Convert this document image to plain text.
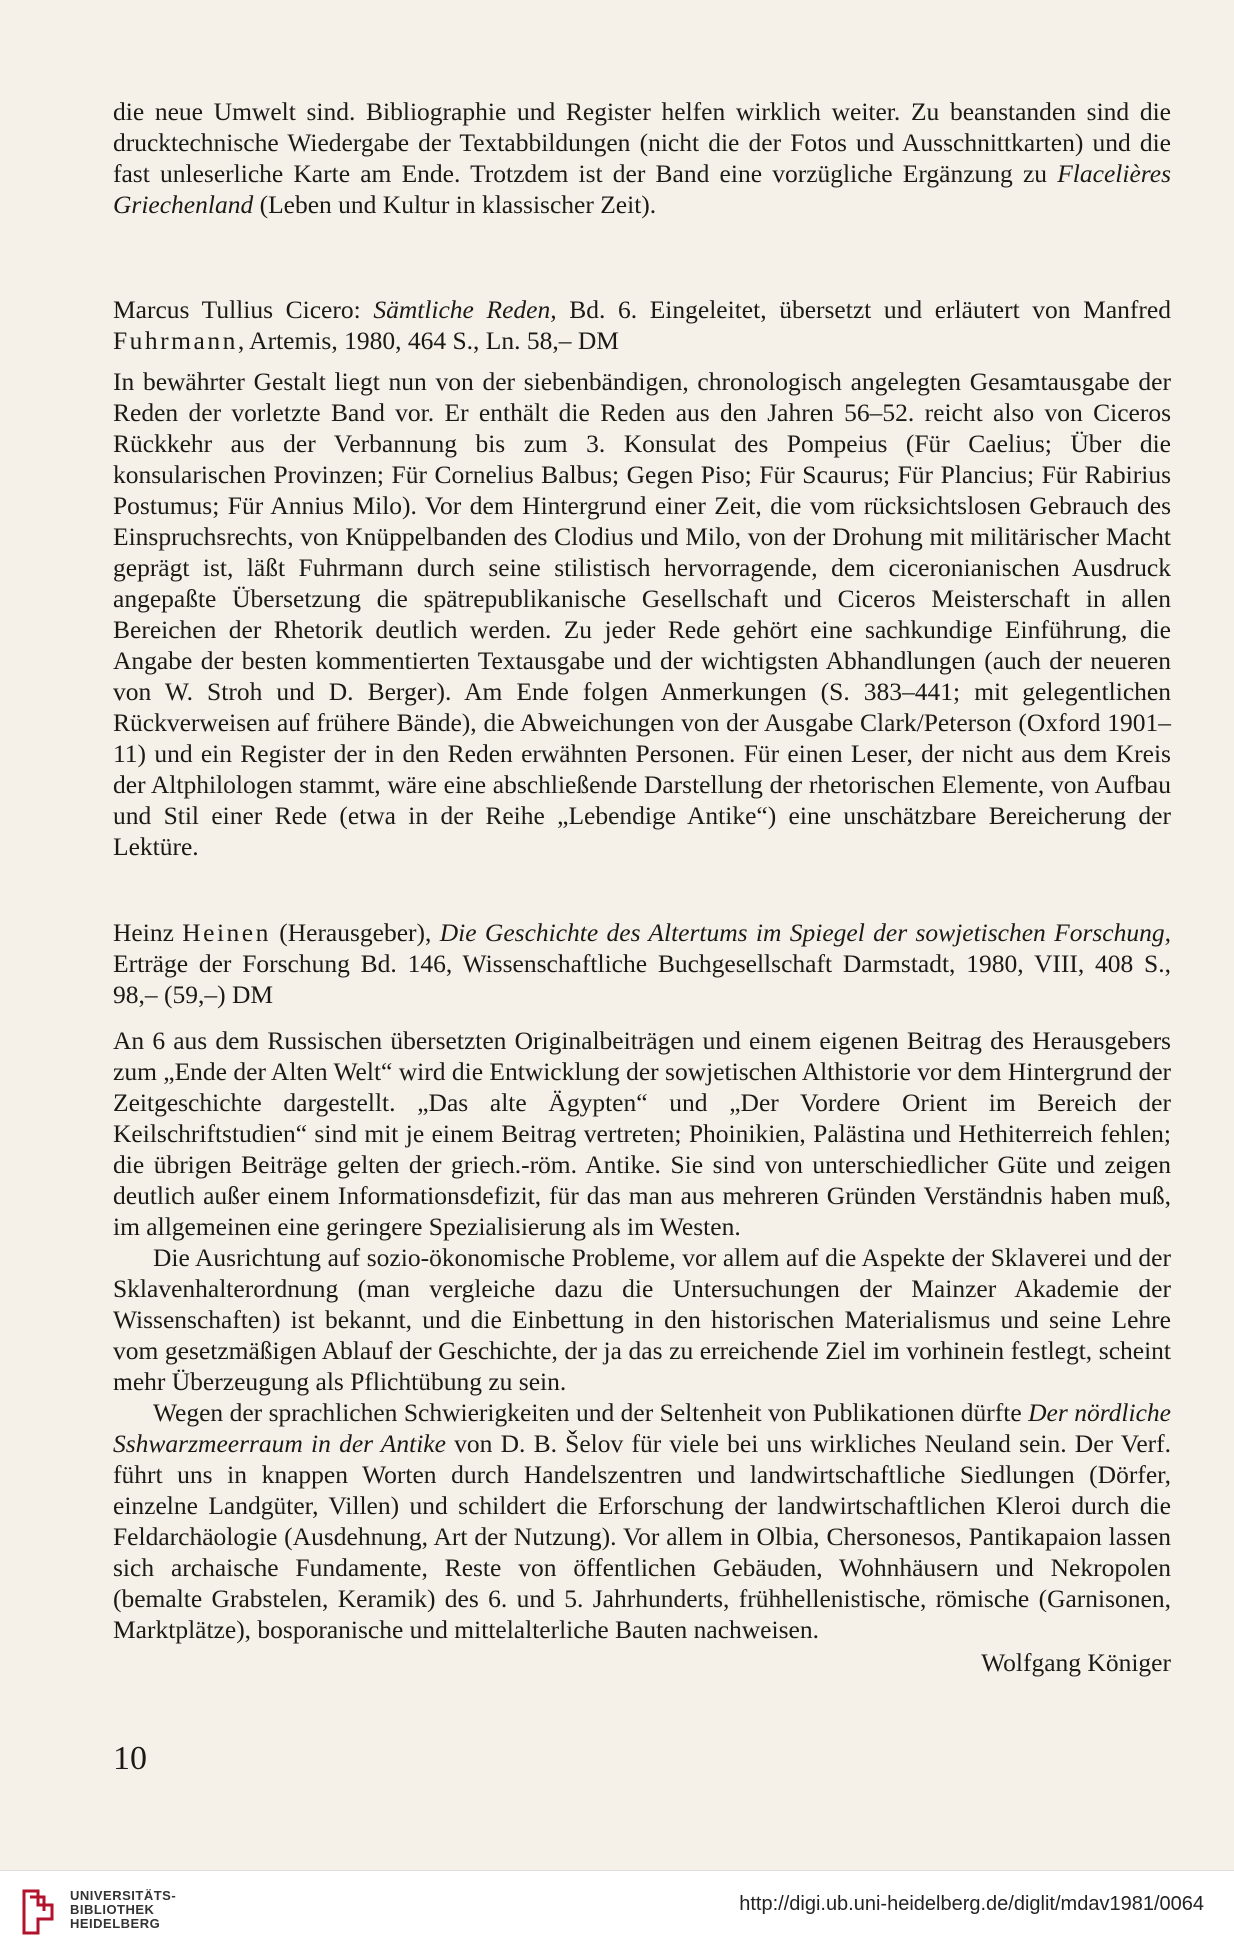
die neue Umwelt sind. Bibliographie und Register helfen wirklich weiter. Zu beanstanden sind die drucktechnische Wiedergabe der Textabbildungen (nicht die der Fotos und Ausschnittkarten) und die fast unleserliche Karte am Ende. Trotzdem ist der Band eine vorzügliche Ergänzung zu Flacelières Griechenland (Leben und Kultur in klassischer Zeit).

Marcus Tullius Cicero: Sämtliche Reden, Bd. 6. Eingeleitet, übersetzt und erläutert von Manfred Fuhrmann, Artemis, 1980, 464 S., Ln. 58,– DM

In bewährter Gestalt liegt nun von der siebenbändigen, chronologisch angelegten Gesamtausgabe der Reden der vorletzte Band vor. Er enthält die Reden aus den Jahren 56–52. reicht also von Ciceros Rückkehr aus der Verbannung bis zum 3. Konsulat des Pompeius (Für Caelius; Über die konsularischen Provinzen; Für Cornelius Balbus; Gegen Piso; Für Scaurus; Für Plancius; Für Rabirius Postumus; Für Annius Milo). Vor dem Hintergrund einer Zeit, die vom rücksichtslosen Gebrauch des Einspruchsrechts, von Knüppelbanden des Clodius und Milo, von der Drohung mit militärischer Macht geprägt ist, läßt Fuhrmann durch seine stilistisch hervorragende, dem ciceronianischen Ausdruck angepaßte Übersetzung die spätrepublikanische Gesellschaft und Ciceros Meisterschaft in allen Bereichen der Rhetorik deutlich werden. Zu jeder Rede gehört eine sachkundige Einführung, die Angabe der besten kommentierten Textausgabe und der wichtigsten Abhandlungen (auch der neueren von W. Stroh und D. Berger). Am Ende folgen Anmerkungen (S. 383–441; mit gelegentlichen Rückverweisen auf frühere Bände), die Abweichungen von der Ausgabe Clark/Peterson (Oxford 1901–11) und ein Register der in den Reden erwähnten Personen. Für einen Leser, der nicht aus dem Kreis der Altphilologen stammt, wäre eine abschließende Darstellung der rhetorischen Elemente, von Aufbau und Stil einer Rede (etwa in der Reihe „Lebendige Antike“) eine unschätzbare Bereicherung der Lektüre.

Heinz Heinen (Herausgeber), Die Geschichte des Altertums im Spiegel der sowjetischen Forschung, Erträge der Forschung Bd. 146, Wissenschaftliche Buchgesellschaft Darmstadt, 1980, VIII, 408 S., 98,– (59,–) DM

An 6 aus dem Russischen übersetzten Originalbeiträgen und einem eigenen Beitrag des Herausgebers zum „Ende der Alten Welt“ wird die Entwicklung der sowjetischen Althistorie vor dem Hintergrund der Zeitgeschichte dargestellt. „Das alte Ägypten“ und „Der Vordere Orient im Bereich der Keilschriftstudien“ sind mit je einem Beitrag vertreten; Phoinikien, Palästina und Hethiterreich fehlen; die übrigen Beiträge gelten der griech.-röm. Antike. Sie sind von unterschiedlicher Güte und zeigen deutlich außer einem Informationsdefizit, für das man aus mehreren Gründen Verständnis haben muß, im allgemeinen eine geringere Spezialisierung als im Westen.

Die Ausrichtung auf sozio-ökonomische Probleme, vor allem auf die Aspekte der Sklaverei und der Sklavenhalterordnung (man vergleiche dazu die Untersuchungen der Mainzer Akademie der Wissenschaften) ist bekannt, und die Einbettung in den historischen Materialismus und seine Lehre vom gesetzmäßigen Ablauf der Geschichte, der ja das zu erreichende Ziel im vorhinein festlegt, scheint mehr Überzeugung als Pflichtübung zu sein.

Wegen der sprachlichen Schwierigkeiten und der Seltenheit von Publikationen dürfte Der nördliche Sshwarzmeerraum in der Antike von D. B. Šelov für viele bei uns wirkliches Neuland sein. Der Verf. führt uns in knappen Worten durch Handelszentren und landwirtschaftliche Siedlungen (Dörfer, einzelne Landgüter, Villen) und schildert die Erforschung der landwirtschaftlichen Kleroi durch die Feldarchäologie (Ausdehnung, Art der Nutzung). Vor allem in Olbia, Chersonesos, Pantikapaion lassen sich archaische Fundamente, Reste von öffentlichen Gebäuden, Wohnhäusern und Nekropolen (bemalte Grabstelen, Keramik) des 6. und 5. Jahrhunderts, frühhellenistische, römische (Garnisonen, Marktplätze), bosporanische und mittelalterliche Bauten nachweisen.

Wolfgang Königer

10
UNIVERSITÄTS-
BIBLIOTHEK
HEIDELBERG
http://digi.ub.uni-heidelberg.de/diglit/mdav1981/0064
